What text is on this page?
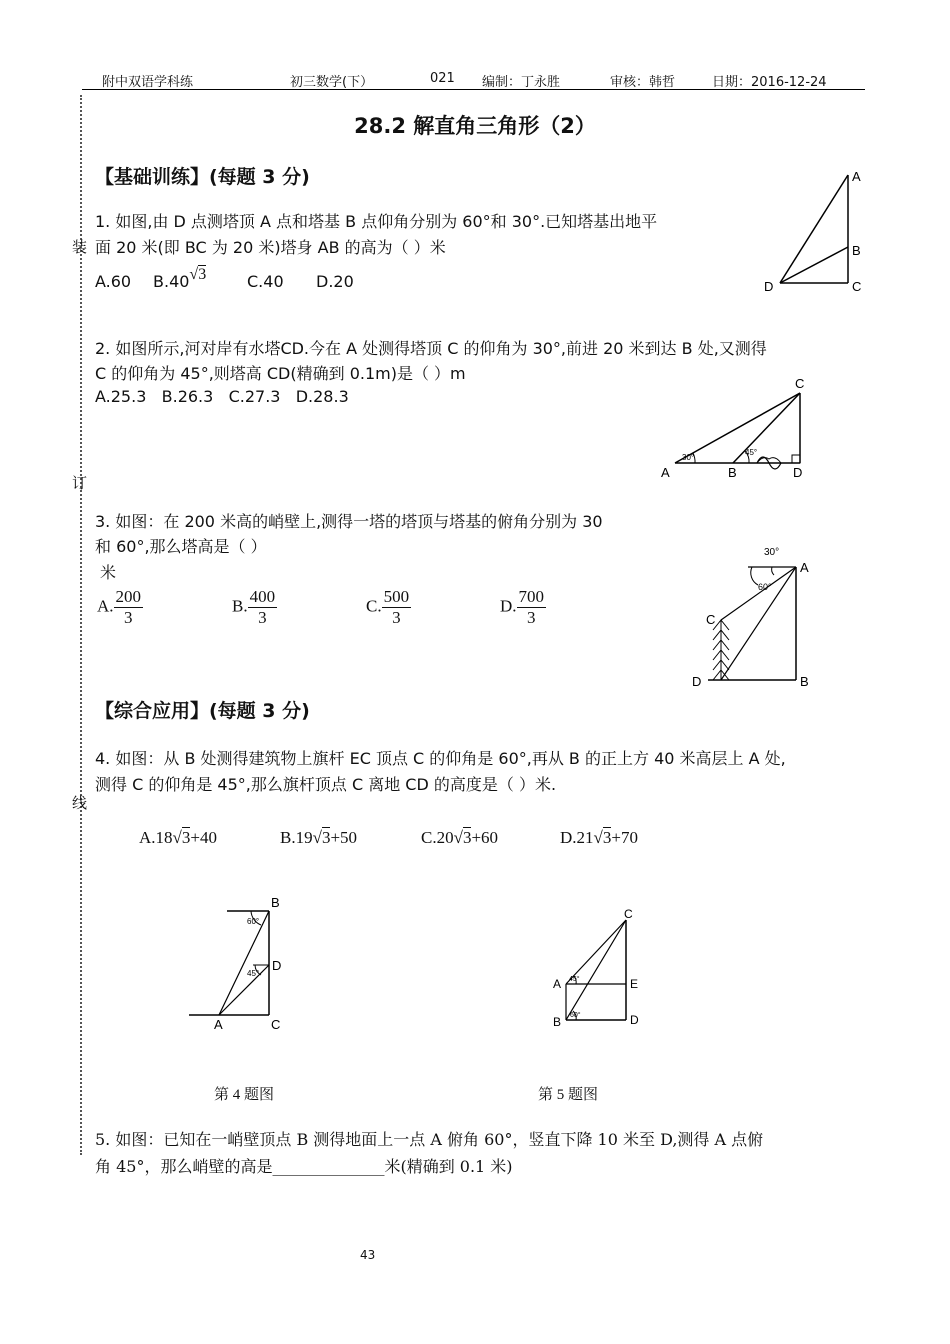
附中双语学科练	初三数学(下）	021 编制：丁永胜	审核：韩哲	日期：2016-12-24
装
订
线
28.2 解直角三角形（2）
【基础训练】(每题 3 分)
1. 如图,由 D 点测塔顶 A 点和塔基 B 点仰角分别为 60°和 30°.已知塔基出地平
面 20 米(即 BC 为 20 米)塔身 AB 的高为（ ）米
A.60 B.40√3	C.40 D.20
A
B
D	C
2. 如图所示,河对岸有水塔CD.今在 A 处测得塔顶 C 的仰角为 30°,前进 20 米到达 B 处,又测得
C 的仰角为 45°,则塔高 CD(精确到 0.1m)是（ ）m
A.25.3   B.26.3   C.27.3   D.28.3
C
A	B	D
30°
45°
3. 如图：在 200 米高的峭壁上,测得一塔的塔顶与塔基的俯角分别为 30
和 60°,那么塔高是（ ）
米
A. $\frac{200}{3}$	B. $\frac{400}{3}$	C. $\frac{500}{3}$	D. $\frac{700}{3}$
30°
A
60°
C
D	B
【综合应用】(每题 3 分)
4. 如图：从 B 处测得建筑物上旗杆 EC 顶点 C 的仰角是 60°,再从 B 的正上方 40 米高层上 A 处,
测得 C 的仰角是 45°,那么旗杆顶点 C 离地 CD 的高度是（ ）米.
A.18√3+40	B.19√3+50	C.20√3+60	D.21√3+70
B
60°
D
45°
A	C
第 4 题图
C
A 45°	E
B 60°	D
第 5 题图
5. 如图：已知在一峭壁顶点 B 测得地面上一点 A 俯角 60°，竖直下降 10 米至 D,测得 A 点俯
角 45°，那么峭壁的高是______________米(精确到 0.1 米)
43
